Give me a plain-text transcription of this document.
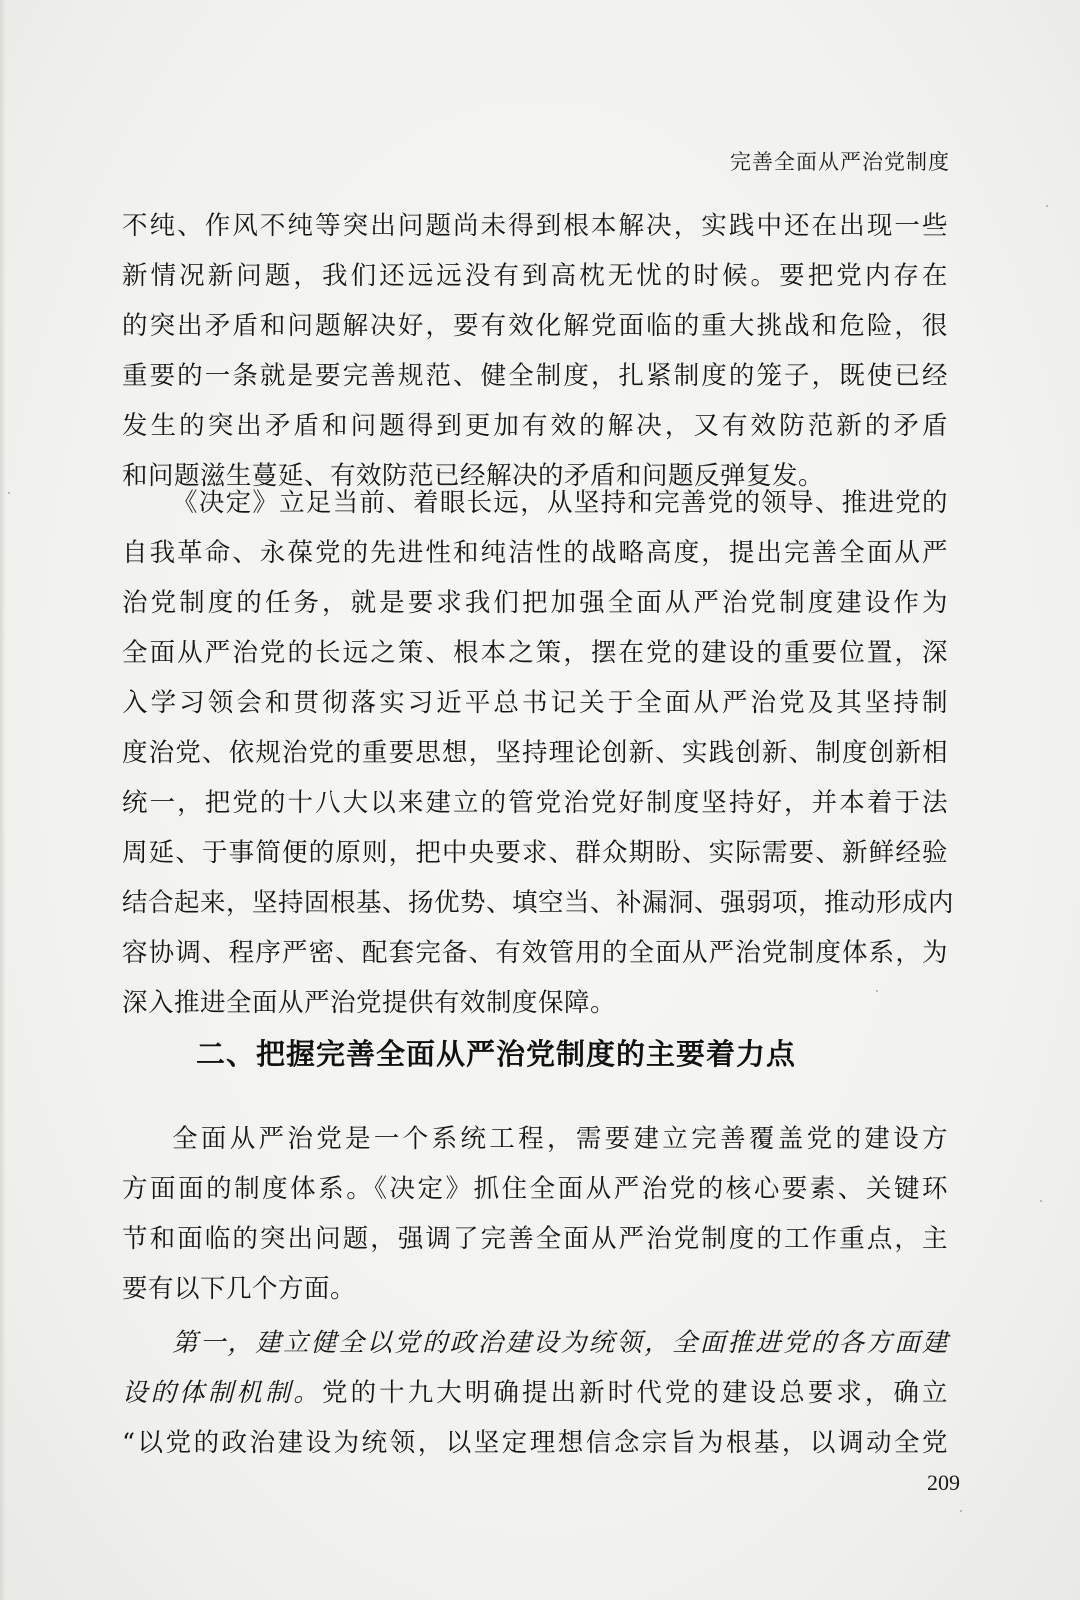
完善全面从严治党制度
不纯、作风不纯等突出问题尚未得到根本解决，实践中还在出现一些
新情况新问题，我们还远远没有到高枕无忧的时候。要把党内存在
的突出矛盾和问题解决好，要有效化解党面临的重大挑战和危险，很
重要的一条就是要完善规范、健全制度，扎紧制度的笼子，既使已经
发生的突出矛盾和问题得到更加有效的解决，又有效防范新的矛盾
和问题滋生蔓延、有效防范已经解决的矛盾和问题反弹复发。
《决定》立足当前、着眼长远，从坚持和完善党的领导、推进党的
自我革命、永葆党的先进性和纯洁性的战略高度，提出完善全面从严
治党制度的任务，就是要求我们把加强全面从严治党制度建设作为
全面从严治党的长远之策、根本之策，摆在党的建设的重要位置，深
入学习领会和贯彻落实习近平总书记关于全面从严治党及其坚持制
度治党、依规治党的重要思想，坚持理论创新、实践创新、制度创新相
统一，把党的十八大以来建立的管党治党好制度坚持好，并本着于法
周延、于事简便的原则，把中央要求、群众期盼、实际需要、新鲜经验
结合起来，坚持固根基、扬优势、填空当、补漏洞、强弱项，推动形成内
容协调、程序严密、配套完备、有效管用的全面从严治党制度体系，为
深入推进全面从严治党提供有效制度保障。
二、把握完善全面从严治党制度的主要着力点
全面从严治党是一个系统工程，需要建立完善覆盖党的建设方
方面面的制度体系。《决定》抓住全面从严治党的核心要素、关键环
节和面临的突出问题，强调了完善全面从严治党制度的工作重点，主
要有以下几个方面。
第一，建立健全以党的政治建设为统领，全面推进党的各方面建
设的体制机制。党的十九大明确提出新时代党的建设总要求，确立
“以党的政治建设为统领，以坚定理想信念宗旨为根基，以调动全党
209
